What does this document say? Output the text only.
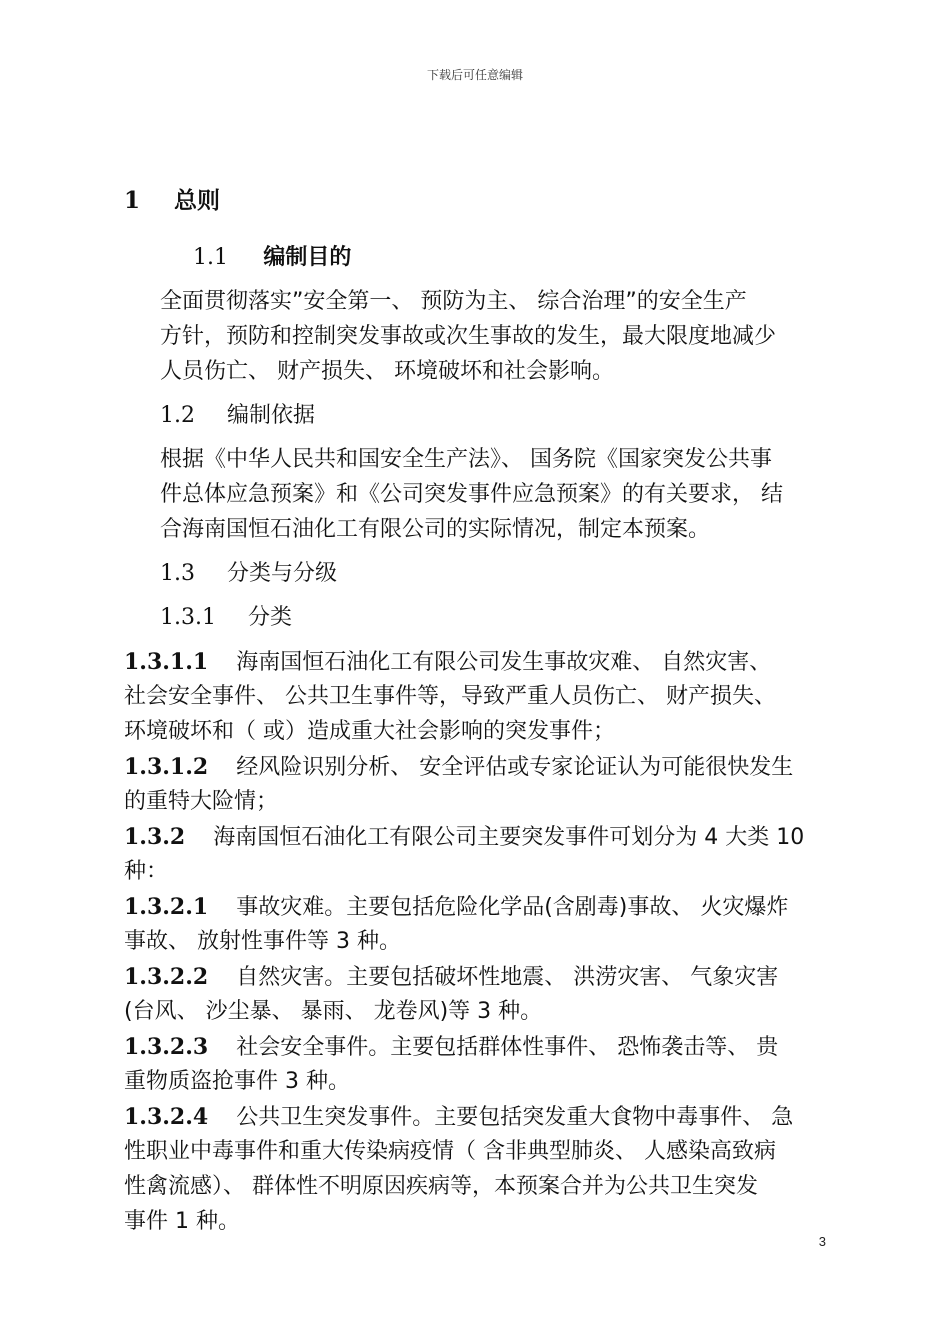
下载后可任意编辑
1 总则
1.1 编制目的
全面贯彻落实”安全第一、 预防为主、 综合治理”的安全生产
方针，预防和控制突发事故或次生事故的发生，最大限度地减少
人员伤亡、 财产损失、 环境破坏和社会影响。
1.2 编制依据
根据《中华人民共和国安全生产法》、 国务院《国家突发公共事
件总体应急预案》和《公司突发事件应急预案》的有关要求， 结
合海南国恒石油化工有限公司的实际情况，制定本预案。
1.3 分类与分级
1.3.1 分类
1.3.1.1 海南国恒石油化工有限公司发生事故灾难、 自然灾害、
社会安全事件、 公共卫生事件等，导致严重人员伤亡、 财产损失、
环境破坏和（ 或）造成重大社会影响的突发事件；
1.3.1.2 经风险识别分析、 安全评估或专家论证认为可能很快发生
的重特大险情；
1.3.2 海南国恒石油化工有限公司主要突发事件可划分为 4 大类 10
种：
1.3.2.1 事故灾难。主要包括危险化学品(含剧毒)事故、 火灾爆炸
事故、 放射性事件等 3 种。
1.3.2.2 自然灾害。主要包括破坏性地震、 洪涝灾害、 气象灾害
(台风、 沙尘暴、 暴雨、 龙卷风)等 3 种。
1.3.2.3 社会安全事件。主要包括群体性事件、 恐怖袭击等、 贵
重物质盗抢事件 3 种。
1.3.2.4 公共卫生突发事件。主要包括突发重大食物中毒事件、 急
性职业中毒事件和重大传染病疫情（ 含非典型肺炎、 人感染高致病
性禽流感）、 群体性不明原因疾病等，本预案合并为公共卫生突发
事件 1 种。
3
